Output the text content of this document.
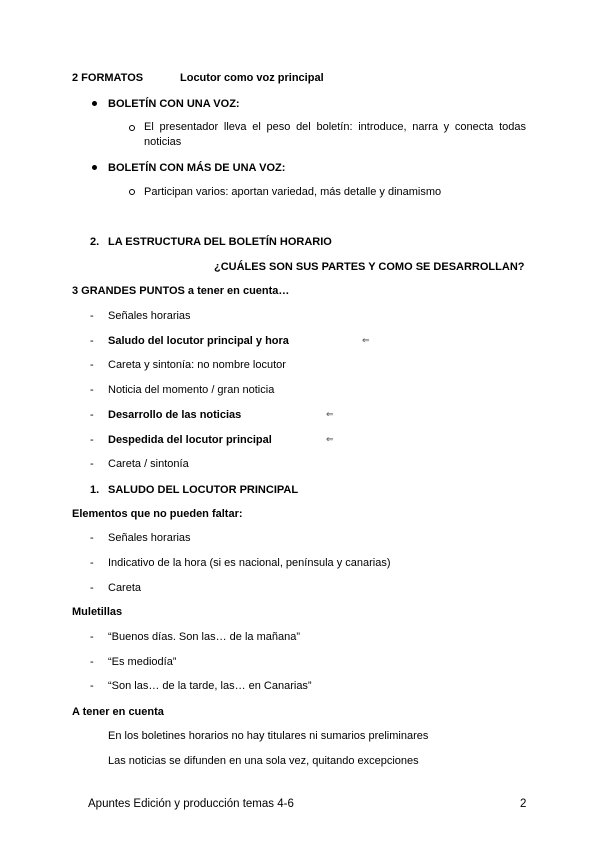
2 FORMATOS	Locutor como voz principal
BOLETÍN CON UNA VOZ:
El presentador lleva el peso del boletín: introduce, narra y conecta todas noticias
BOLETÍN CON MÁS DE UNA VOZ:
Participan varios: aportan variedad, más detalle y dinamismo
2. LA ESTRUCTURA DEL BOLETÍN HORARIO
¿CUÁLES SON SUS PARTES Y COMO SE DESARROLLAN?
3 GRANDES PUNTOS a tener en cuenta…
- Señales horarias
- Saludo del locutor principal y hora	⇐
- Careta y sintonía: no nombre locutor
- Noticia del momento / gran noticia
- Desarrollo de las noticias	⇐
- Despedida del locutor principal	⇐
- Careta / sintonía
1. SALUDO DEL LOCUTOR PRINCIPAL
Elementos que no pueden faltar:
- Señales horarias
- Indicativo de la hora (si es nacional, península y canarias)
- Careta
Muletillas
- “Buenos días. Son las… de la mañana”
- “Es mediodía”
- “Son las… de la tarde, las… en Canarias”
A tener en cuenta
En los boletines horarios no hay titulares ni sumarios preliminares
Las noticias se difunden en una sola vez, quitando excepciones
Apuntes Edición y producción temas 4-6	2
